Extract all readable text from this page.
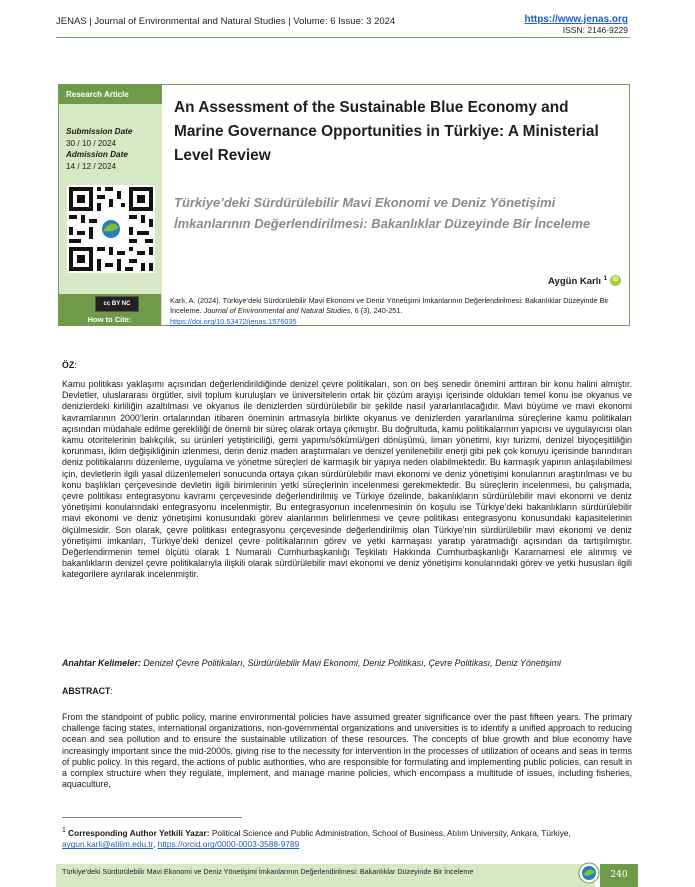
JENAS | Journal of Environmental and Natural Studies | Volume: 6 Issue: 3 2024	https://www.jenas.org
ISSN: 2146-9229
Research Article
Submission Date
30 / 10 / 2024
Admission Date
14 / 12 / 2024
An Assessment of the Sustainable Blue Economy and Marine Governance Opportunities in Türkiye: A Ministerial Level Review
Türkiye’deki Sürdürülebilir Mavi Ekonomi ve Deniz Yönetişimi İmkanlarının Değerlendirilmesi: Bakanlıklar Düzeyinde Bir İnceleme
Aygün Karlı $^1$ iD
cc BY NC
How to Cite:
Karlı, A. (2024). Türkiye’deki Sürdürülebilir Mavi Ekonomi ve Deniz Yönetişimi İmkanlarının Değerlendirilmesi: Bakanlıklar Düzeyinde Bir İnceleme. Journal of Environmental and Natural Studies, 6 (3), 240-251.
https://doi.org/10.53472/jenas.1576035
ÖZ:
Kamu politikası yaklaşımı açısından değerlendirildiğinde denizel çevre politikaları, son on beş senedir önemini arttıran bir konu halini almıştır. Devletler, uluslararası örgütler, sivil toplum kuruluşları ve üniversitelerin ortak bir çözüm arayışı içerisinde oldukları temel konu ise okyanus ve denizlerdeki kirliliğin azaltılması ve okyanus ile denizlerden sürdürülebilir bir şekilde nasıl yararlanılacağıdır. Mavi büyüme ve mavi ekonomi kavramlarının 2000’lerin ortalarından itibaren öneminin artmasıyla birlikte okyanus ve denizlerden yararlanılma süreçlerine kamu politikaları açısından müdahale edilme gerekliliği de önemli bir süreç olarak ortaya çıkmıştır. Bu doğrultuda, kamu politikalarının yapıcısı ve uygulayıcısı olan kamu otoritelerinin balıkçılık, su ürünleri yetiştiriciliği, gemi yapımı/sökümü/geri dönüşümü, liman yönetimi, kıyı turizmi, denizel biyoçeşitliliğin korunması, iklim değişikliğinin izlenmesi, derin deniz maden araştırmaları ve denizel yenilenebilir enerji gibi pek çok konuyu içerisinde barındıran deniz politikalarını düzenleme, uygulama ve yönetme süreçleri de karmaşık bir yapıya neden olabilmektedir. Bu karmaşık yapının anlaşılabilmesi için, devletlerin ilgili yasal düzenlemeleri sonucunda ortaya çıkan sürdürülebilir mavi ekonomi ve deniz yönetişimi konularının araştırılması ve bu konu başlıkları çerçevesinde devletin ilgili birimlerinin yetki süreçlerinin incelenmesi gerekmektedir. Bu süreçlerin incelenmesi, bu çalışmada, çevre politikası entegrasyonu kavramı çerçevesinde değerlendirilmiş ve Türkiye özelinde, bakanlıkların sürdürülebilir mavi ekonomi ve deniz yönetişimi konularındaki entegrasyonu incelenmiştir. Bu entegrasyonun incelenmesinin ön koşulu ise Türkiye’deki bakanlıkların sürdürülebilir mavi ekonomi ve deniz yönetişimi konusundaki görev alanlarının belirlenmesi ve çevre politikası entegrasyonu konusundaki kapasitelerinin ölçülmesidir. Son olarak, çevre politikası entegrasyonu çerçevesinde değerlendirilmiş olan Türkiye’nin sürdürülebilir mavi ekonomi ve deniz yönetişimi imkanları, Türkiye’deki denizel çevre politikalarının görev ve yetki karmaşası yaratıp yaratmadığı açısından da tartışılmıştır. Değerlendirmenin temel ölçütü olarak 1 Numaralı Cumhurbaşkanlığı Teşkilatı Hakkında Cumhurbaşkanlığı Kararnamesi ele alınmış ve bakanlıkların denizel çevre politikalarıyla ilişkili olarak sürdürülebilir mavi ekonomi ve deniz yönetişimi konularındaki görev ve yetki hususları ilgili kategorilere ayrılarak incelenmiştir.
Anahtar Kelimeler: Denizel Çevre Politikaları, Sürdürülebilir Mavi Ekonomi, Deniz Politikası, Çevre Politikası, Deniz Yönetişimi
ABSTRACT:
From the standpoint of public policy, marine environmental policies have assumed greater significance over the past fifteen years. The primary challenge facing states, international organizations, non-governmental organizations and universities is to identify a unified approach to reducing ocean and sea pollution and to ensure the sustainable utilization of these resources. The concepts of blue growth and blue economy have increasingly important since the mid-2000s, giving rise to the necessity for intervention in the processes of utilization of oceans and seas in terms of public policy. In this regard, the actions of public authorities, who are responsible for formulating and implementing public policies, can result in a complex structure when they regulate, implement, and manage marine policies, which encompass a multitude of issues, including fisheries, aquaculture,
$^1$ Corresponding Author Yetkili Yazar: Political Science and Public Administration, School of Business, Atılım University, Ankara, Türkiye, aygun.karli@atilim.edu.tr, https://orcid.org/0000-0003-3588-9789
Türkiye’deki Sürdürülebilir Mavi Ekonomi ve Deniz Yönetişimi İmkanlarının Değerlendirilmesi: Bakanlıklar Düzeyinde Bir İnceleme	240
